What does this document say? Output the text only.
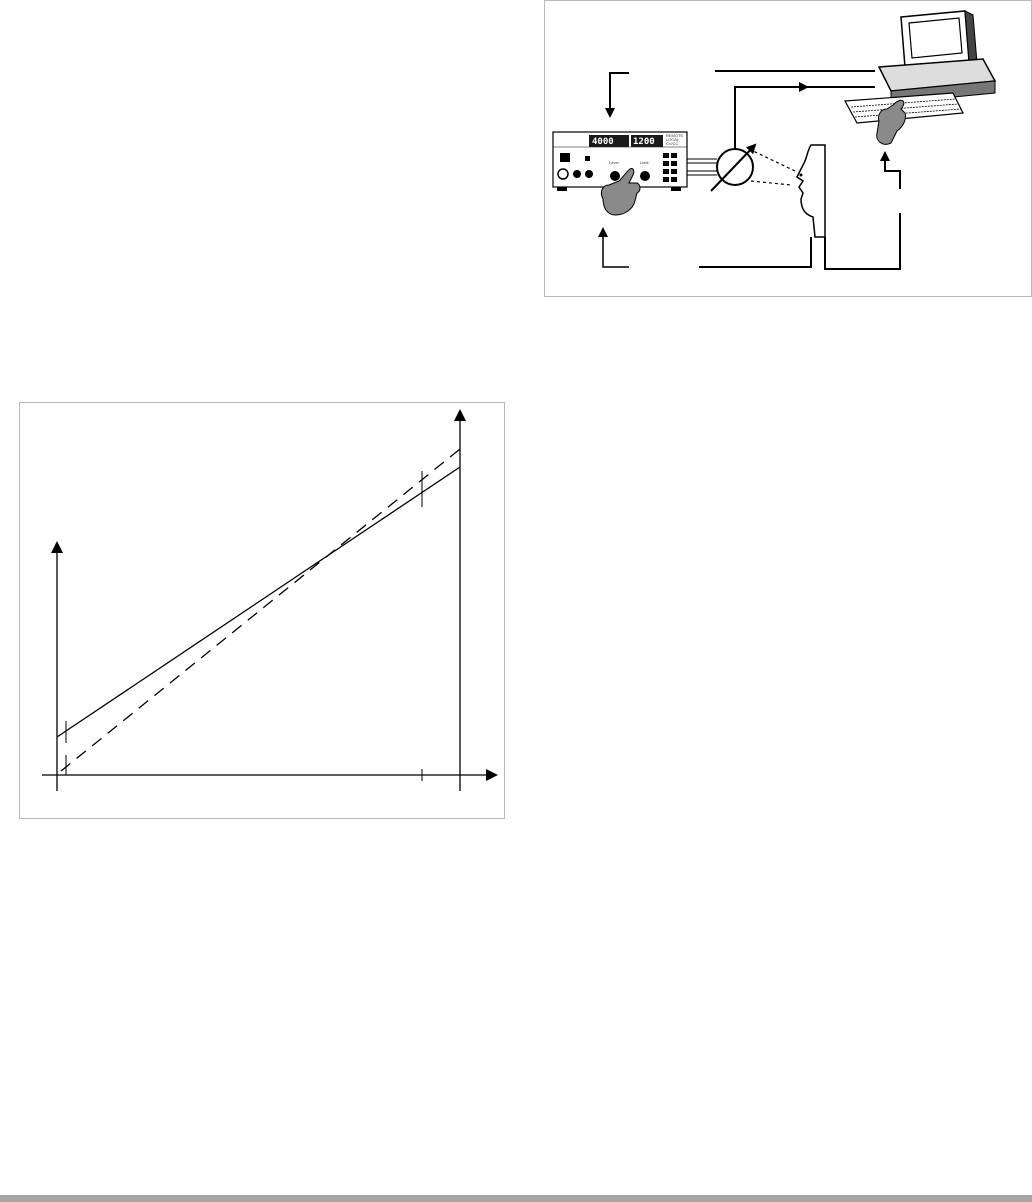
4000 1200
Level	Limit
REMOTE
LOCAL
CV/CC
